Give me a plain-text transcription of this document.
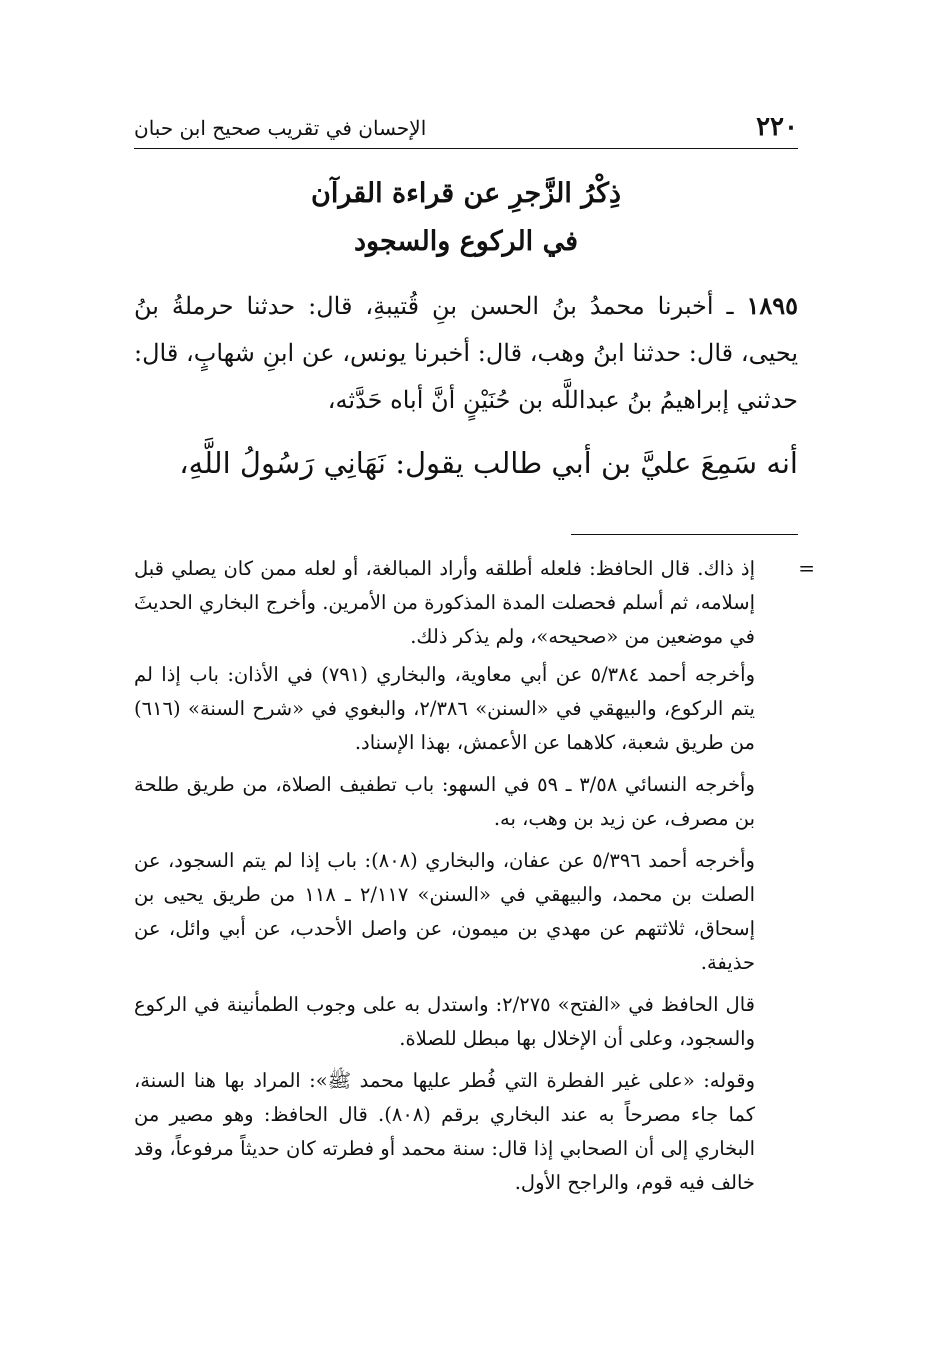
٢٢٠
الإحسان في تقريب صحيح ابن حبان
ذِكْرُ الزَّجرِ عن قراءة القرآن
في الركوع والسجود

١٨٩٥ ـ أخبرنا محمدُ بنُ الحسن بنِ قُتيبةِ، قال: حدثنا حرملةُ بنُ يحيى، قال: حدثنا ابنُ وهب، قال: أخبرنا يونس، عن ابنِ شهابٍ، قال: حدثني إبراهيمُ بنُ عبداللَّه بن حُنَيْنٍ أنَّ أباه حَدَّثه،

أنه سَمِعَ عليَّ بن أبي طالب يقول: نَهَانِي رَسُولُ اللَّهِ،

=

إذ ذاك. قال الحافظ: فلعله أطلقه وأراد المبالغة، أو لعله ممن كان يصلي قبل إسلامه، ثم أسلم فحصلت المدة المذكورة من الأمرين. وأخرج البخاري الحديثَ في موضعين من «صحيحه»، ولم يذكر ذلك.

وأخرجه أحمد ٥/٣٨٤ عن أبي معاوية، والبخاري (٧٩١) في الأذان: باب إذا لم يتم الركوع، والبيهقي في «السنن» ٢/٣٨٦، والبغوي في «شرح السنة» (٦١٦) من طريق شعبة، كلاهما عن الأعمش، بهذا الإسناد.

وأخرجه النسائي ٣/٥٨ ـ ٥٩ في السهو: باب تطفيف الصلاة، من طريق طلحة بن مصرف، عن زيد بن وهب، به.

وأخرجه أحمد ٥/٣٩٦ عن عفان، والبخاري (٨٠٨): باب إذا لم يتم السجود، عن الصلت بن محمد، والبيهقي في «السنن» ٢/١١٧ ـ ١١٨ من طريق يحيى بن إسحاق، ثلاثتهم عن مهدي بن ميمون، عن واصل الأحدب، عن أبي وائل، عن حذيفة.

قال الحافظ في «الفتح» ٢/٢٧٥: واستدل به على وجوب الطمأنينة في الركوع والسجود، وعلى أن الإخلال بها مبطل للصلاة.

وقوله: «على غير الفطرة التي فُطر عليها محمد ﷺ»: المراد بها هنا السنة، كما جاء مصرحاً به عند البخاري برقم (٨٠٨). قال الحافظ: وهو مصير من البخاري إلى أن الصحابي إذا قال: سنة محمد أو فطرته كان حديثاً مرفوعاً، وقد خالف فيه قوم، والراجح الأول.
